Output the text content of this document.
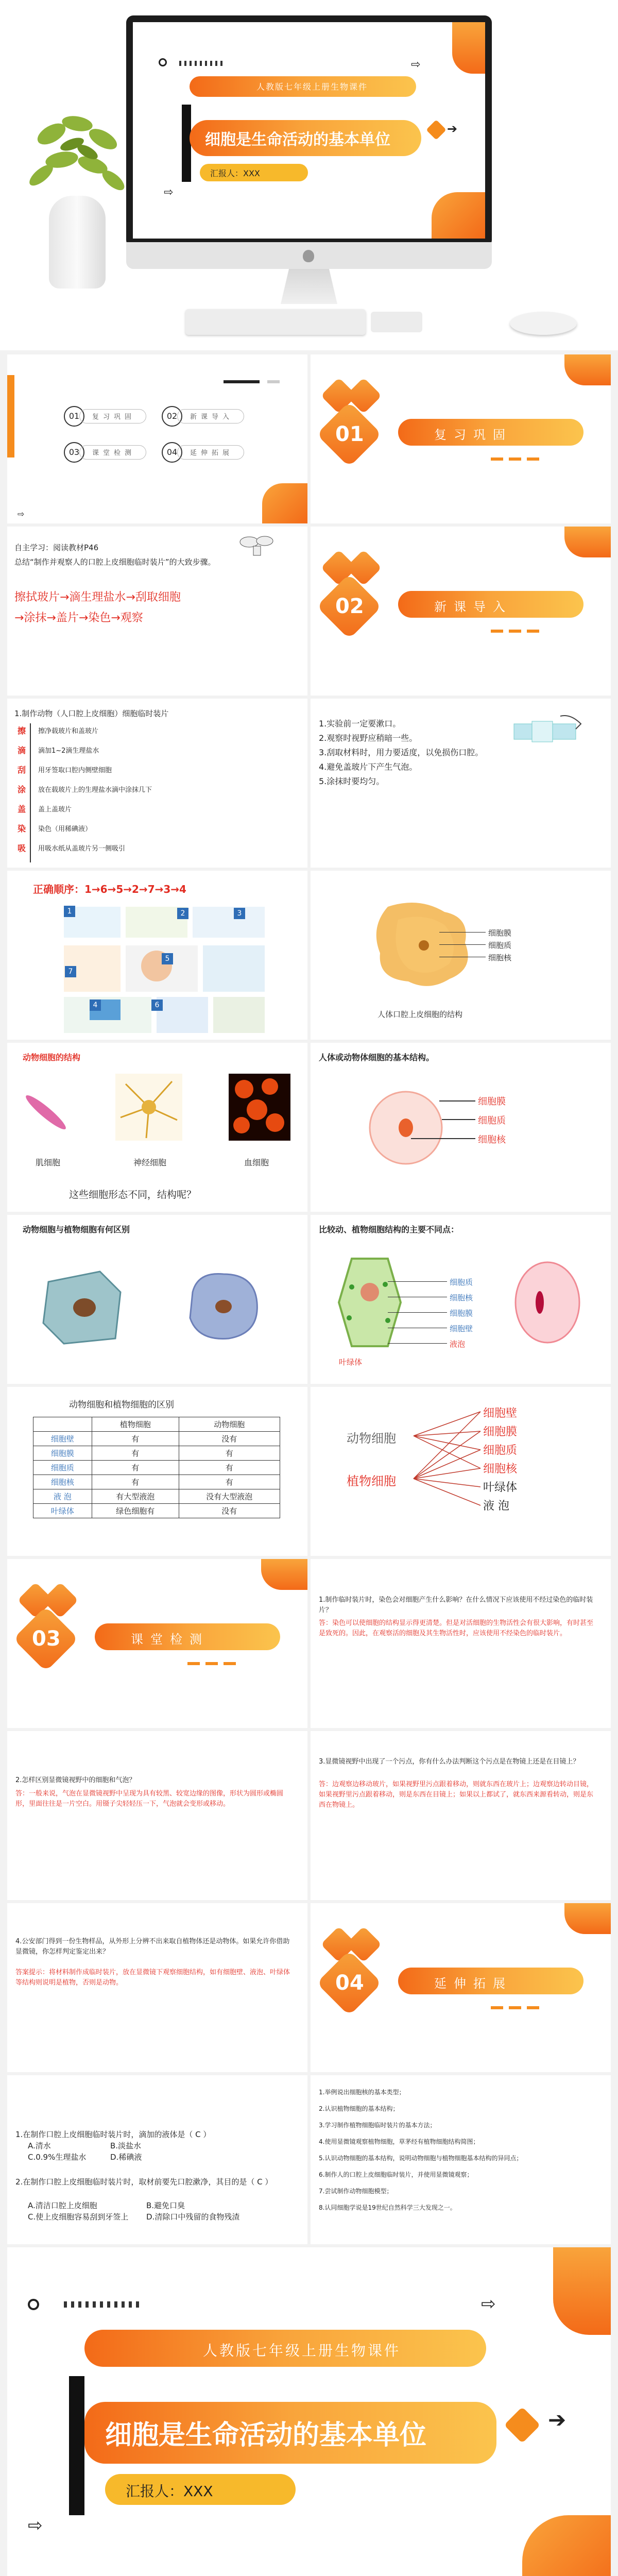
⇨
人教版七年级上册生物课件
细胞是生命活动的基本单位
汇报人：XXX
➔
⇨
⇨
01	复习巩固	02	新课导入
03	课堂检测	04	延伸拓展
01	复习巩固
自主学习：阅读教材P46
总结“制作并观察人的口腔上皮细胞临时装片”的大致步骤。
擦拭玻片→滴生理盐水→刮取细胞
→涂抹→盖片→染色→观察	02	新课导入
1.制作动物（人口腔上皮细胞）细胞临时装片
擦 擦净载玻片和盖玻片
滴 滴加1~2滴生理盐水
刮 用牙签取口腔内侧壁细胞
涂 放在载玻片上的生理盐水滴中涂抹几下
盖 盖上盖玻片
染 染色（用稀碘液）
吸 用吸水纸从盖玻片另一侧吸引
1.实验前一定要漱口。
2.观察时视野应稍暗一些。
3.刮取材料时，用力要适度，以免损伤口腔。
4.避免盖玻片下产生气泡。
5.涂抹时要均匀。
正确顺序：1→6→5→2→7→3→4
1	2	3
4
5
6
7
细胞膜
细胞质
细胞核
人体口腔上皮细胞的结构
动物细胞的结构
肌细胞	神经细胞	血细胞
这些细胞形态不同，结构呢？
人体或动物体细胞的基本结构。
细胞膜
细胞质
细胞核
动物细胞与植物细胞有何区别	比较动、植物细胞结构的主要不同点：
细胞质
细胞核
细胞膜
细胞壁
液泡
叶绿体
动物细胞和植物细胞的区别
	植物细胞	动物细胞
细胞壁	有	没有
细胞膜	有	有
细胞质	有	有
细胞核	有	有
液 泡	有大型液泡	没有大型液泡
叶绿体	绿色细胞有	没有
动物细胞
植物细胞
细胞壁
细胞膜
细胞质
细胞核
叶绿体
液 泡
03	课堂检测
1.制作临时装片时，染色会对细胞产生什么影响？在什么情况下应该使用不经过染色的临时装片？
答：染色可以使细胞的结构显示得更清楚。但是对活细胞的生物活性会有很大影响，有时甚至是致死的。因此，在观察活的细胞及其生物活性时，应该使用不经染色的临时装片。
2.怎样区别显微镜视野中的细胞和气泡？
答：一般来说，气泡在显微镜视野中呈现为具有较黑、较宽边缘的图像，形状为圆形或椭圆形，里面往往是一片空白。用镊子尖轻轻压一下，气泡就会变形或移动。
3.显微镜视野中出现了一个污点，你有什么办法判断这个污点是在物镜上还是在目镜上？
答：边观察边移动玻片，如果视野里污点跟着移动，则就东西在玻片上；边观察边转动目镜，如果视野里污点跟着移动，则是东西在目镜上；如果以上都试了，就东西来源看转动，则是东西在物镜上。
4.公安部门得到一份生物样品，从外形上分辨不出来取自植物体还是动物体。如果允许你借助显微镜，你怎样判定鉴定出来？
答案提示：将材料制作成临时装片，放在显微镜下观察细胞结构，如有细胞壁、液泡、叶绿体等结构则说明是植物，否则是动物。	04	延伸拓展
1.在制作口腔上皮细胞临时装片时，滴加的液体是（ C ）
A.清水	B.淡盐水
C.0.9%生理盐水	D.稀碘液
2.在制作口腔上皮细胞临时装片时，取材前要先口腔漱净，其目的是（ C ）
A.清洁口腔上皮细胞	B.避免口臭
C.使上皮细胞容易刮到牙签上 D.清除口中残留的食物残渣
1.举例说出细胞核的基本类型；
2.认识植物细胞的基本结构；
3.学习制作植物细胞临时装片的基本方法；
4.使用显微镜观察植物细胞，草茅经有植物细胞结构简图；
5.认识动物细胞的基本结构，说明动物细胞与植物细胞基本结构的异同点；
6.制作人的口腔上皮细胞临时装片，并使用显微镜观察；
7.尝试制作动物细胞模型；
8.认同细胞学说是19世纪自然科学三大发现之一。
⇨
人教版七年级上册生物课件
细胞是生命活动的基本单位
汇报人：XXX
➔
⇨
